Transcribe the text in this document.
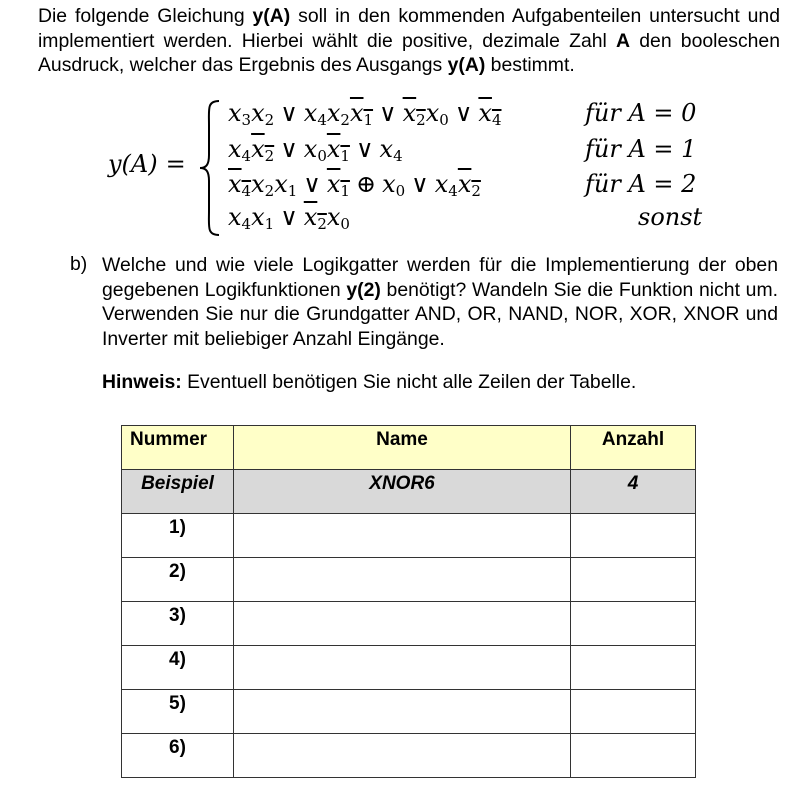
Die folgende Gleichung y(A) soll in den kommenden Aufgabenteilen untersucht und implementiert werden. Hierbei wählt die positive, dezimale Zahl A den booleschen Ausdruck, welcher das Ergebnis des Ausgangs y(A) bestimmt.

y(A) =
$x_3x_2$ ∨ $x_4x_2x_1$ ∨ $x_2x_0$ ∨ $x_4$	für A = 0
$x_4x_2$ ∨ $x_0x_1$ ∨ $x_4$	für A = 1
$x_4x_2x_1$ ∨ $x_1$ ⊕ $x_0$ ∨ $x_4x_2$	für A = 2
$x_4x_1$ ∨ $x_2x_0$	sonst
b) Welche und wie viele Logikgatter werden für die Implementierung der oben gegebenen Logikfunktionen y(2) benötigt? Wandeln Sie die Funktion nicht um. Verwenden Sie nur die Grundgatter AND, OR, NAND, NOR, XOR, XNOR und Inverter mit beliebiger Anzahl Eingänge.

Hinweis: Eventuell benötigen Sie nicht alle Zeilen der Tabelle.
Nummer	Name	Anzahl
Beispiel	XNOR6	4
1)		
2)		
3)		
4)		
5)		
6)		
